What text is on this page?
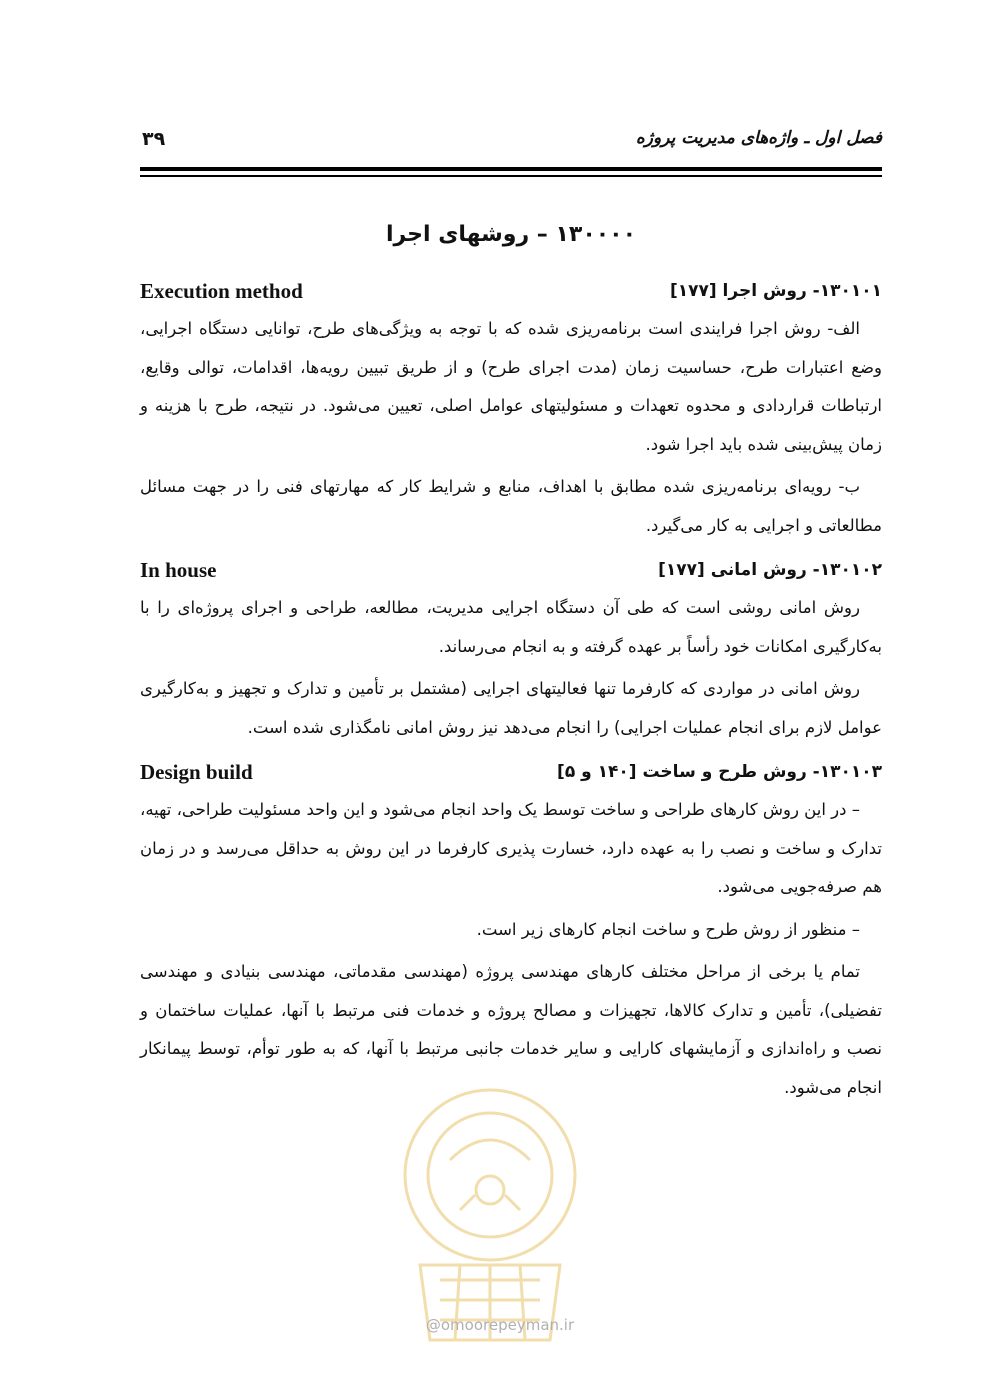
فصل اول ـ واژه‌های مدیریت پروژه
۳۹
۱۳۰۰۰۰ – روشهای اجرا
Execution method	۱۳۰۱۰۱- روش اجرا [۱۷۷]

الف- روش اجرا فرایندی است برنامه‌ریزی شده که با توجه به ویژگی‌های طرح، توانایی دستگاه اجرایی، وضع اعتبارات طرح، حساسیت زمان (مدت اجرای طرح) و از طریق تبیین رویه‌ها، اقدامات، توالی وقایع، ارتباطات قراردادی و محدوه تعهدات و مسئولیتهای عوامل اصلی، تعیین می‌شود. در نتیجه، طرح با هزینه و زمان پیش‌بینی شده باید اجرا شود.

ب- رویه‌ای برنامه‌ریزی شده مطابق با اهداف، منابع و شرایط کار که مهارتهای فنی را در جهت مسائل مطالعاتی و اجرایی به کار می‌گیرد.

In house	۱۳۰۱۰۲- روش امانی [۱۷۷]

روش امانی روشی است که طی آن دستگاه اجرایی مدیریت، مطالعه، طراحی و اجرای پروژه‌ای را با به‌کارگیری امکانات خود رأساً بر عهده گرفته و به انجام می‌رساند.

روش امانی در مواردی که کارفرما تنها فعالیتهای اجرایی (مشتمل بر تأمین و تدارک و تجهیز و به‌کارگیری عوامل لازم برای انجام عملیات اجرایی) را انجام می‌دهد نیز روش امانی نامگذاری شده است.

Design build	۱۳۰۱۰۳- روش طرح و ساخت [۱۴۰ و ۵]

– در این روش کارهای طراحی و ساخت توسط یک واحد انجام می‌شود و این واحد مسئولیت طراحی، تهیه، تدارک و ساخت و نصب را به عهده دارد، خسارت پذیری کارفرما در این روش به حداقل می‌رسد و در زمان هم صرفه‌جویی می‌شود.

– منظور از روش طرح و ساخت انجام کارهای زیر است.

تمام یا برخی از مراحل مختلف کارهای مهندسی پروژه (مهندسی مقدماتی، مهندسی بنیادی و مهندسی تفضیلی)، تأمین و تدارک کالاها، تجهیزات و مصالح پروژه و خدمات فنی مرتبط با آنها، عملیات ساختمان و نصب و راه‌اندازی و آزمایشهای کارایی و سایر خدمات جانبی مرتبط با آنها، که به طور توأم، توسط پیمانکار انجام می‌شود.

@omoorepeyman.ir
